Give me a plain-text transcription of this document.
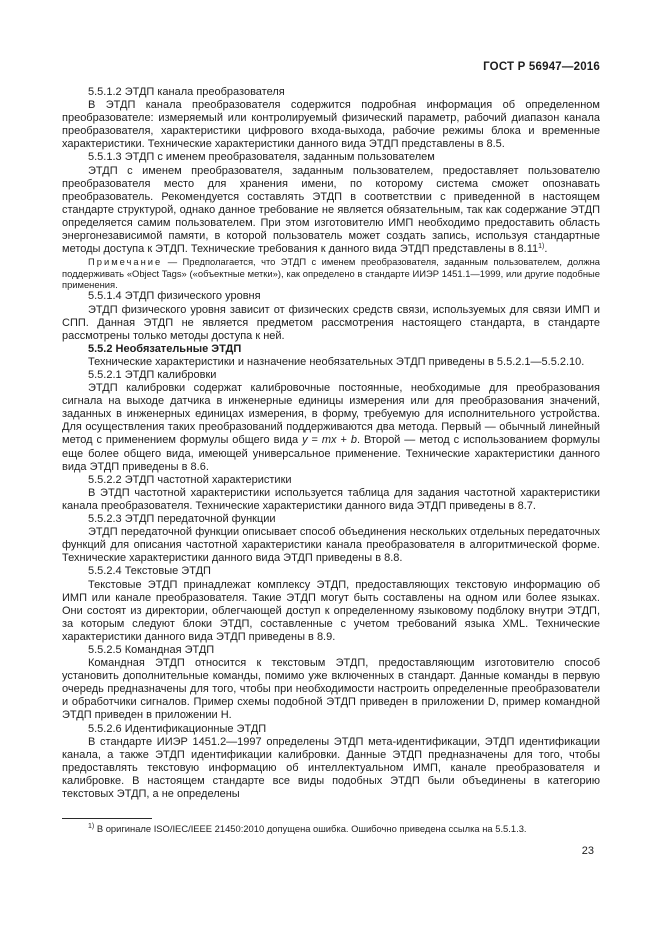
ГОСТ Р 56947—2016

5.5.1.2 ЭТДП канала преобразователя

В ЭТДП канала преобразователя содержится подробная информация об определенном преобразователе: измеряемый или контролируемый физический параметр, рабочий диапазон канала преобразователя, характеристики цифрового входа-выхода, рабочие режимы блока и временные характеристики. Технические характеристики данного вида ЭТДП представлены в 8.5.

5.5.1.3 ЭТДП с именем преобразователя, заданным пользователем

ЭТДП с именем преобразователя, заданным пользователем, предоставляет пользователю преобразователя место для хранения имени, по которому система сможет опознавать преобразователь. Рекомендуется составлять ЭТДП в соответствии с приведенной в настоящем стандарте структурой, однако данное требование не является обязательным, так как содержание ЭТДП определяется самим пользователем. При этом изготовителю ИМП необходимо предоставить область энергонезависимой памяти, в которой пользователь может создать запись, используя стандартные методы доступа к ЭТДП. Технические требования к данного вида ЭТДП представлены в 8.11$^{1)}$.

Примечание — Предполагается, что ЭТДП с именем преобразователя, заданным пользователем, должна поддерживать «Object Tags» («объектные метки»), как определено в стандарте ИИЭР 1451.1—1999, или другие подобные применения.

5.5.1.4 ЭТДП физического уровня

ЭТДП физического уровня зависит от физических средств связи, используемых для связи ИМП и СПП. Данная ЭТДП не является предметом рассмотрения настоящего стандарта, в стандарте рассмотрены только методы доступа к ней.

5.5.2 Необязательные ЭТДП

Технические характеристики и назначение необязательных ЭТДП приведены в 5.5.2.1—5.5.2.10.

5.5.2.1 ЭТДП калибровки

ЭТДП калибровки содержат калибровочные постоянные, необходимые для преобразования сигнала на выходе датчика в инженерные единицы измерения или для преобразования значений, заданных в инженерных единицах измерения, в форму, требуемую для исполнительного устройства. Для осуществления таких преобразований поддерживаются два метода. Первый — обычный линейный метод с применением формулы общего вида y = mx + b. Второй — метод с использованием формулы еще более общего вида, имеющей универсальное применение. Технические характеристики данного вида ЭТДП приведены в 8.6.

5.5.2.2 ЭТДП частотной характеристики

В ЭТДП частотной характеристики используется таблица для задания частотной характеристики канала преобразователя. Технические характеристики данного вида ЭТДП приведены в 8.7.

5.5.2.3 ЭТДП передаточной функции

ЭТДП передаточной функции описывает способ объединения нескольких отдельных передаточных функций для описания частотной характеристики канала преобразователя в алгоритмической форме. Технические характеристики данного вида ЭТДП приведены в 8.8.

5.5.2.4 Текстовые ЭТДП

Текстовые ЭТДП принадлежат комплексу ЭТДП, предоставляющих текстовую информацию об ИМП или канале преобразователя. Такие ЭТДП могут быть составлены на одном или более языках. Они состоят из директории, облегчающей доступ к определенному языковому подблоку внутри ЭТДП, за которым следуют блоки ЭТДП, составленные с учетом требований языка XML. Технические характеристики данного вида ЭТДП приведены в 8.9.

5.5.2.5 Командная ЭТДП

Командная ЭТДП относится к текстовым ЭТДП, предоставляющим изготовителю способ установить дополнительные команды, помимо уже включенных в стандарт. Данные команды в первую очередь предназначены для того, чтобы при необходимости настроить определенные преобразователи и обработчики сигналов. Пример схемы подобной ЭТДП приведен в приложении D, пример командной ЭТДП приведен в приложении H.

5.5.2.6 Идентификационные ЭТДП

В стандарте ИИЭР 1451.2—1997 определены ЭТДП мета-идентификации, ЭТДП идентификации канала, а также ЭТДП идентификации калибровки. Данные ЭТДП предназначены для того, чтобы предоставлять текстовую информацию об интеллектуальном ИМП, канале преобразователя и калибровке. В настоящем стандарте все виды подобных ЭТДП были объединены в категорию текстовых ЭТДП, а не определены

$^{1)}$ В оригинале ISO/IEC/IEEE 21450:2010 допущена ошибка. Ошибочно приведена ссылка на 5.5.1.3.

23
